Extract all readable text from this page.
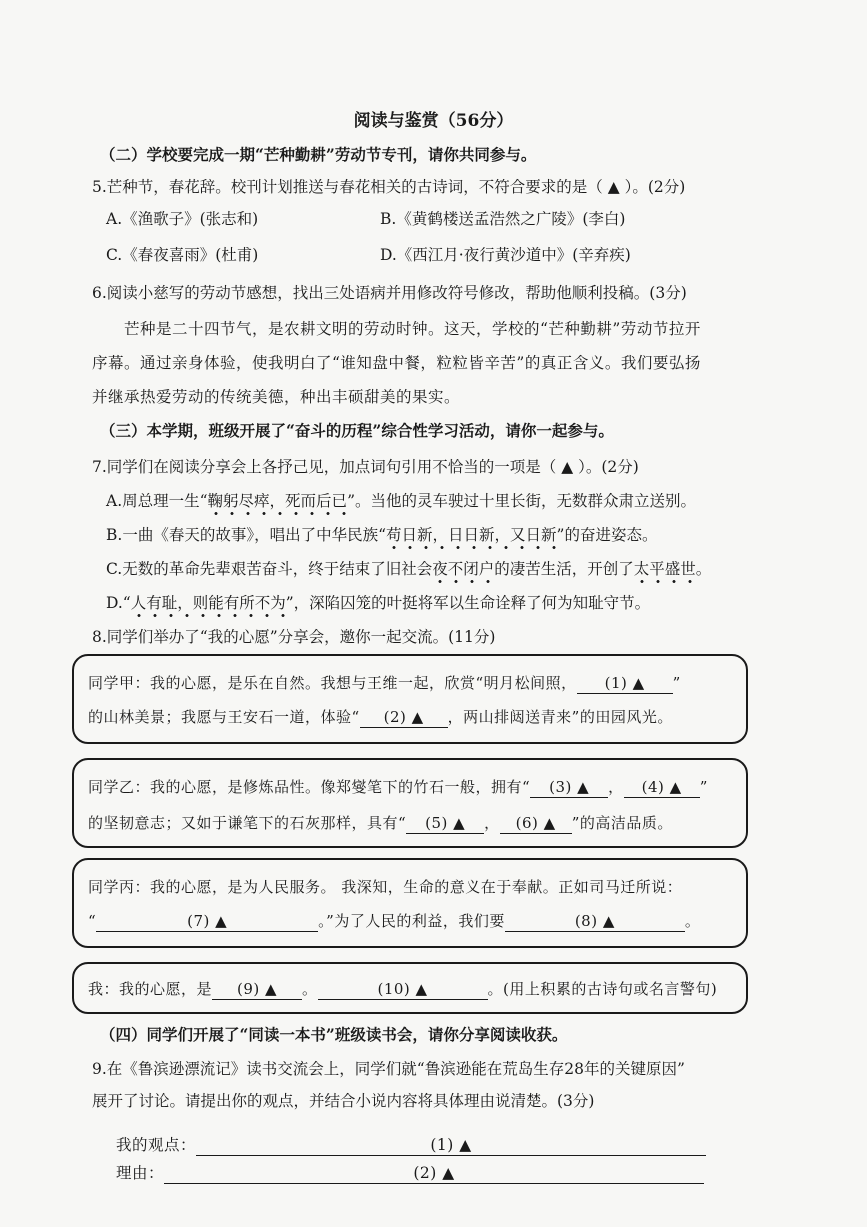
阅读与鉴赏（56分）
（二）学校要完成一期“芒种勤耕”劳动节专刊，请你共同参与。
5.芒种节，春花辞。校刊计划推送与春花相关的古诗词，不符合要求的是（ ▲ ）。(2分)
A.《渔歌子》(张志和)	B.《黄鹤楼送孟浩然之广陵》(李白)
C.《春夜喜雨》(杜甫)	D.《西江月·夜行黄沙道中》(辛弃疾)
6.阅读小慈写的劳动节感想，找出三处语病并用修改符号修改，帮助他顺利投稿。(3分)
芒种是二十四节气，是农耕文明的劳动时钟。这天，学校的“芒种勤耕”劳动节拉开
序幕。通过亲身体验，使我明白了“谁知盘中餐，粒粒皆辛苦”的真正含义。我们要弘扬
并继承热爱劳动的传统美德，种出丰硕甜美的果实。
（三）本学期，班级开展了“奋斗的历程”综合性学习活动，请你一起参与。
7.同学们在阅读分享会上各抒己见，加点词句引用不恰当的一项是（ ▲ ）。(2分)
A.周总理一生“鞠躬尽瘁，死而后已”。当他的灵车驶过十里长街，无数群众肃立送别。
B.一曲《春天的故事》，唱出了中华民族“苟日新，日日新，又日新”的奋进姿态。
C.无数的革命先辈艰苦奋斗，终于结束了旧社会夜不闭户的凄苦生活，开创了太平盛世。
D.“人有耻，则能有所不为”，深陷囚笼的叶挺将军以生命诠释了何为知耻守节。
8.同学们举办了“我的心愿”分享会，邀你一起交流。(11分)
同学甲：我的心愿，是乐在自然。我想与王维一起，欣赏“明月松间照， (1) ▲ ”
的山林美景；我愿与王安石一道，体验“ (2) ▲ ，两山排闼送青来”的田园风光。
同学乙：我的心愿，是修炼品性。像郑燮笔下的竹石一般，拥有“ (3) ▲ ， (4) ▲ ”
的坚韧意志；又如于谦笔下的石灰那样，具有“ (5) ▲ ， (6) ▲ ”的高洁品质。
同学丙：我的心愿，是为人民服务。 我深知，生命的意义在于奉献。正如司马迁所说：
“	(7) ▲	。”为了人民的利益，我们要	(8) ▲	。
我：我的心愿，是 (9) ▲ 。	(10) ▲	。(用上积累的古诗句或名言警句)
（四）同学们开展了“同读一本书”班级读书会，请你分享阅读收获。
9.在《鲁滨逊漂流记》读书交流会上，同学们就“鲁滨逊能在荒岛生存28年的关键原因”
展开了讨论。请提出你的观点，并结合小说内容将具体理由说清楚。(3分)
我的观点：	(1) ▲
理由：	(2) ▲
